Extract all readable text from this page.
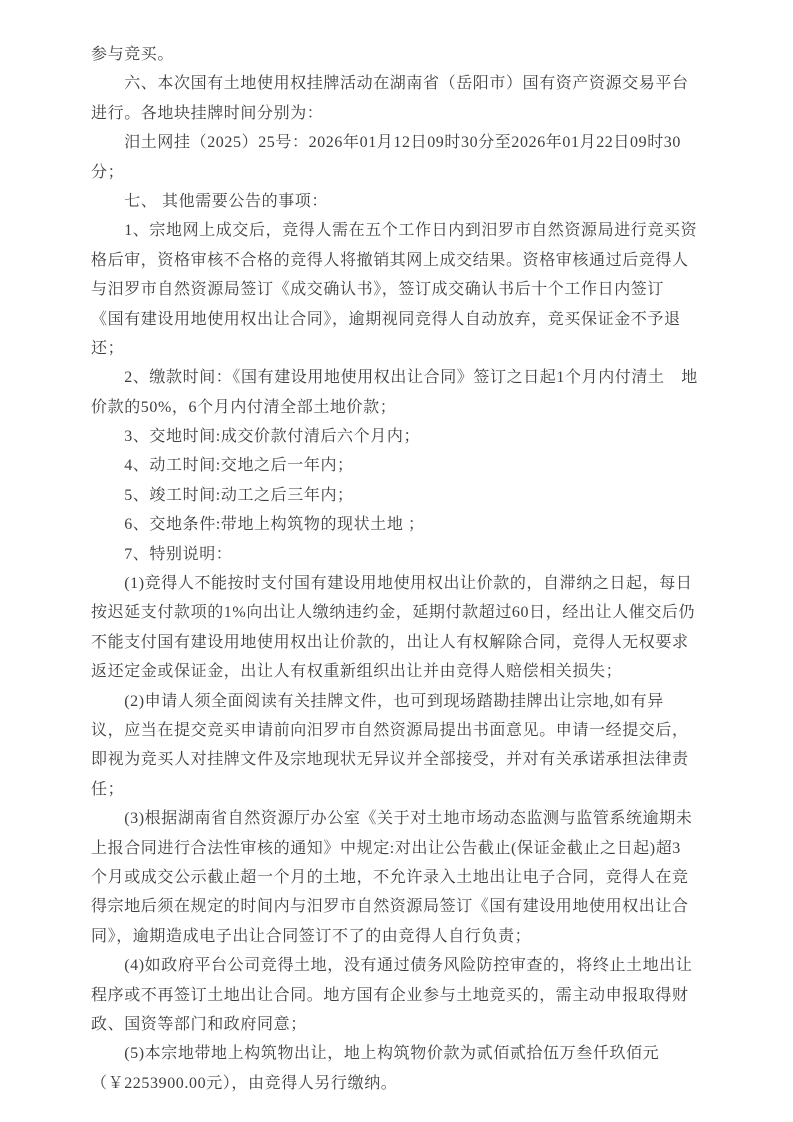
参与竞买。
　　六、本次国有土地使用权挂牌活动在湖南省（岳阳市）国有资产资源交易平台
进行。各地块挂牌时间分别为：
　　汨土网挂（2025）25号：2026年01月12日09时30分至2026年01月22日09时30
分；
　　七、 其他需要公告的事项：
　　1、宗地网上成交后，竞得人需在五个工作日内到汨罗市自然资源局进行竞买资
格后审，资格审核不合格的竞得人将撤销其网上成交结果。资格审核通过后竞得人
与汨罗市自然资源局签订《成交确认书》，签订成交确认书后十个工作日内签订
《国有建设用地使用权出让合同》，逾期视同竞得人自动放弃，竞买保证金不予退
还；
　　2、缴款时间：《国有建设用地使用权出让合同》签订之日起1个月内付清土　地
价款的50%，6个月内付清全部土地价款；
　　3、交地时间:成交价款付清后六个月内；
　　4、动工时间:交地之后一年内；
　　5、竣工时间:动工之后三年内；
　　6、交地条件:带地上构筑物的现状土地 ；
　　7、特别说明：
　　(1)竞得人不能按时支付国有建设用地使用权出让价款的，自滞纳之日起，每日
按迟延支付款项的1%向出让人缴纳违约金，延期付款超过60日，经出让人催交后仍
不能支付国有建设用地使用权出让价款的，出让人有权解除合同，竞得人无权要求
返还定金或保证金，出让人有权重新组织出让并由竞得人赔偿相关损失；
　　(2)申请人须全面阅读有关挂牌文件，也可到现场踏勘挂牌出让宗地,如有异
议，应当在提交竞买申请前向汨罗市自然资源局提出书面意见。申请一经提交后，
即视为竞买人对挂牌文件及宗地现状无异议并全部接受，并对有关承诺承担法律责
任；
　　(3)根据湖南省自然资源厅办公室《关于对土地市场动态监测与监管系统逾期未
上报合同进行合法性审核的通知》中规定:对出让公告截止(保证金截止之日起)超3
个月或成交公示截止超一个月的土地，不允许录入土地出让电子合同，竞得人在竞
得宗地后须在规定的时间内与汨罗市自然资源局签订《国有建设用地使用权出让合
同》，逾期造成电子出让合同签订不了的由竞得人自行负责；
　　(4)如政府平台公司竞得土地，没有通过债务风险防控审查的，将终止土地出让
程序或不再签订土地出让合同。地方国有企业参与土地竞买的，需主动申报取得财
政、国资等部门和政府同意；
　　(5)本宗地带地上构筑物出让，地上构筑物价款为贰佰贰拾伍万叁仟玖佰元
（￥2253900.00元），由竞得人另行缴纳。
